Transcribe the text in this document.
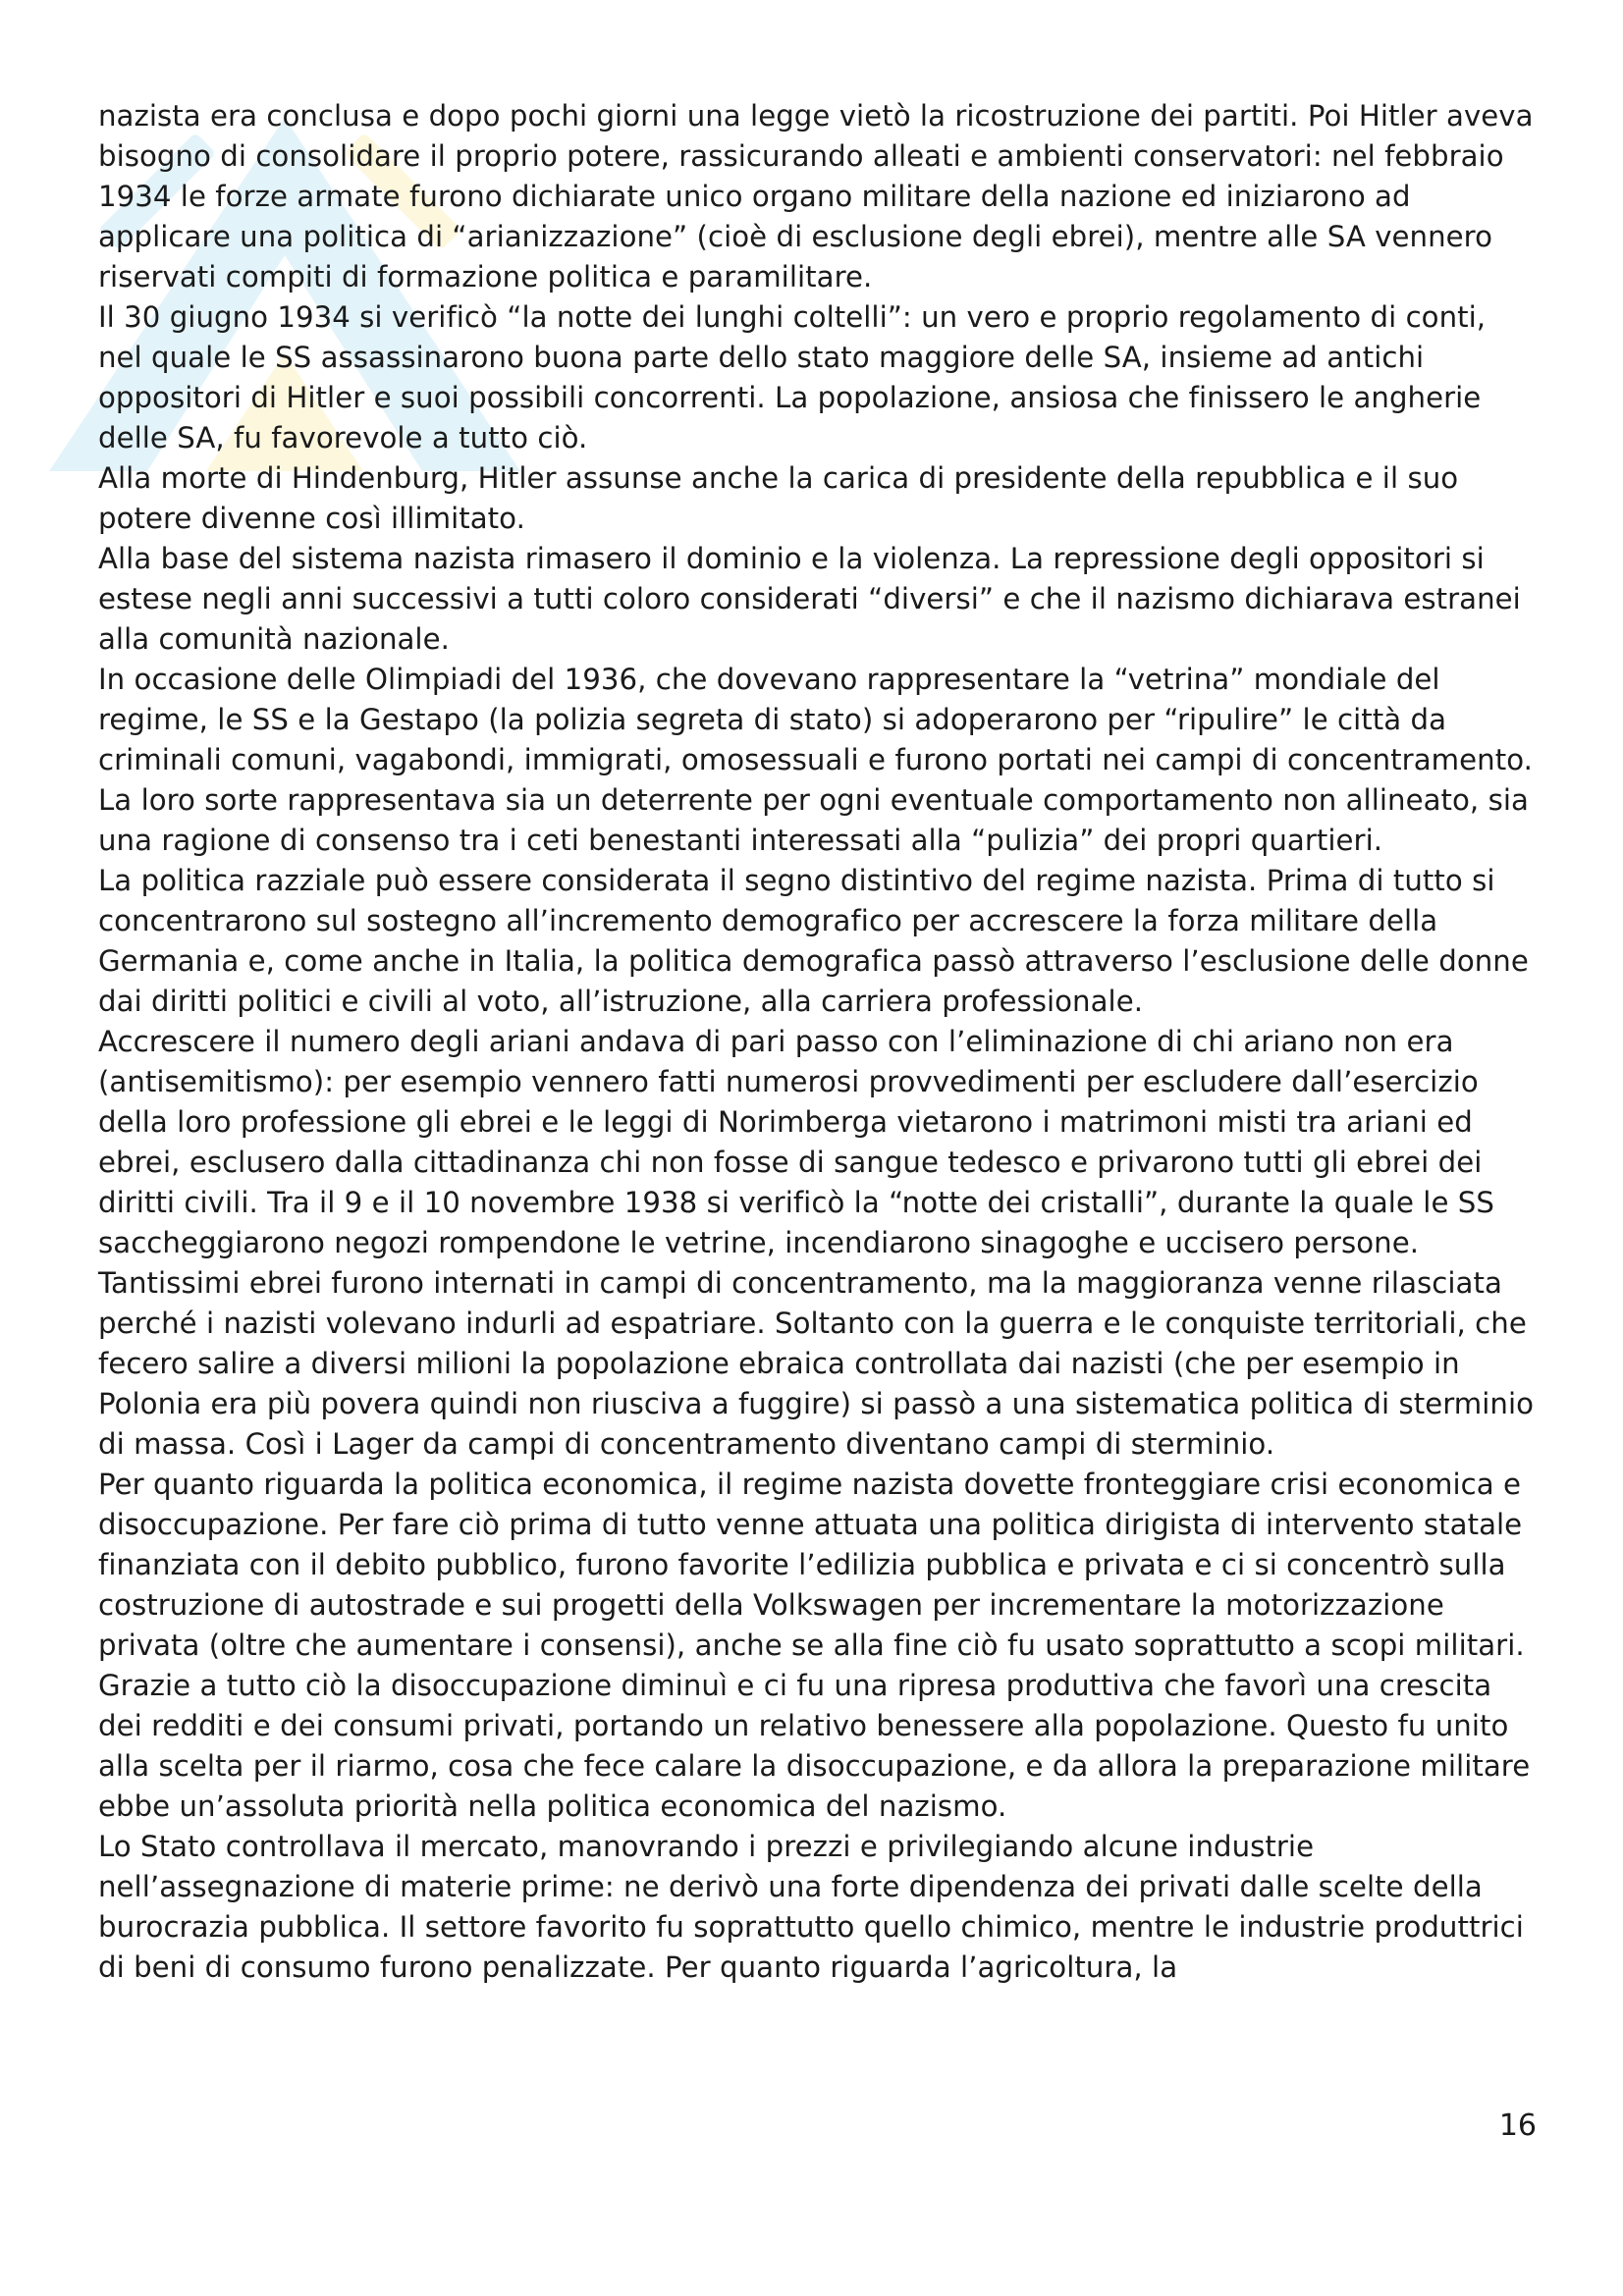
nazista era conclusa e dopo pochi giorni una legge vietò la ricostruzione dei partiti. Poi Hitler aveva bisogno di consolidare il proprio potere, rassicurando alleati e ambienti conservatori: nel febbraio 1934 le forze armate furono dichiarate unico organo militare della nazione ed iniziarono ad applicare una politica di “arianizzazione” (cioè di esclusione degli ebrei), mentre alle SA vennero riservati compiti di formazione politica e paramilitare.

Il 30 giugno 1934 si verificò “la notte dei lunghi coltelli”: un vero e proprio regolamento di conti, nel quale le SS assassinarono buona parte dello stato maggiore delle SA, insieme ad antichi oppositori di Hitler e suoi possibili concorrenti. La popolazione, ansiosa che finissero le angherie delle SA, fu favorevole a tutto ciò.

Alla morte di Hindenburg, Hitler assunse anche la carica di presidente della repubblica e il suo potere divenne così illimitato.

Alla base del sistema nazista rimasero il dominio e la violenza. La repressione degli oppositori si estese negli anni successivi a tutti coloro considerati “diversi” e che il nazismo dichiarava estranei alla comunità nazionale.

In occasione delle Olimpiadi del 1936, che dovevano rappresentare la “vetrina” mondiale del regime, le SS e la Gestapo (la polizia segreta di stato) si adoperarono per “ripulire” le città da criminali comuni, vagabondi, immigrati, omosessuali e furono portati nei campi di concentramento. La loro sorte rappresentava sia un deterrente per ogni eventuale comportamento non allineato, sia una ragione di consenso tra i ceti benestanti interessati alla “pulizia” dei propri quartieri.

La politica razziale può essere considerata il segno distintivo del regime nazista. Prima di tutto si concentrarono sul sostegno all’incremento demografico per accrescere la forza militare della Germania e, come anche in Italia, la politica demografica passò attraverso l’esclusione delle donne dai diritti politici e civili al voto, all’istruzione, alla carriera professionale.

Accrescere il numero degli ariani andava di pari passo con l’eliminazione di chi ariano non era (antisemitismo): per esempio vennero fatti numerosi provvedimenti per escludere dall’esercizio della loro professione gli ebrei e le leggi di Norimberga vietarono i matrimoni misti tra ariani ed ebrei, esclusero dalla cittadinanza chi non fosse di sangue tedesco e privarono tutti gli ebrei dei diritti civili. Tra il 9 e il 10 novembre 1938 si verificò la “notte dei cristalli”, durante la quale le SS saccheggiarono negozi rompendone le vetrine, incendiarono sinagoghe e uccisero persone. Tantissimi ebrei furono internati in campi di concentramento, ma la maggioranza venne rilasciata perché i nazisti volevano indurli ad espatriare. Soltanto con la guerra e le conquiste territoriali, che fecero salire a diversi milioni la popolazione ebraica controllata dai nazisti (che per esempio in Polonia era più povera quindi non riusciva a fuggire) si passò a una sistematica politica di sterminio di massa. Così i Lager da campi di concentramento diventano campi di sterminio.

Per quanto riguarda la politica economica, il regime nazista dovette fronteggiare crisi economica e disoccupazione. Per fare ciò prima di tutto venne attuata una politica dirigista di intervento statale finanziata con il debito pubblico, furono favorite l’edilizia pubblica e privata e ci si concentrò sulla costruzione di autostrade e sui progetti della Volkswagen per incrementare la motorizzazione privata (oltre che aumentare i consensi), anche se alla fine ciò fu usato soprattutto a scopi militari. Grazie a tutto ciò la disoccupazione diminuì e ci fu una ripresa produttiva che favorì una crescita dei redditi e dei consumi privati, portando un relativo benessere alla popolazione. Questo fu unito alla scelta per il riarmo, cosa che fece calare la disoccupazione, e da allora la preparazione militare ebbe un’assoluta priorità nella politica economica del nazismo.

Lo Stato controllava il mercato, manovrando i prezzi e privilegiando alcune industrie nell’assegnazione di materie prime: ne derivò una forte dipendenza dei privati dalle scelte della burocrazia pubblica. Il settore favorito fu soprattutto quello chimico, mentre le industrie produttrici di beni di consumo furono penalizzate. Per quanto riguarda l’agricoltura, la

16
